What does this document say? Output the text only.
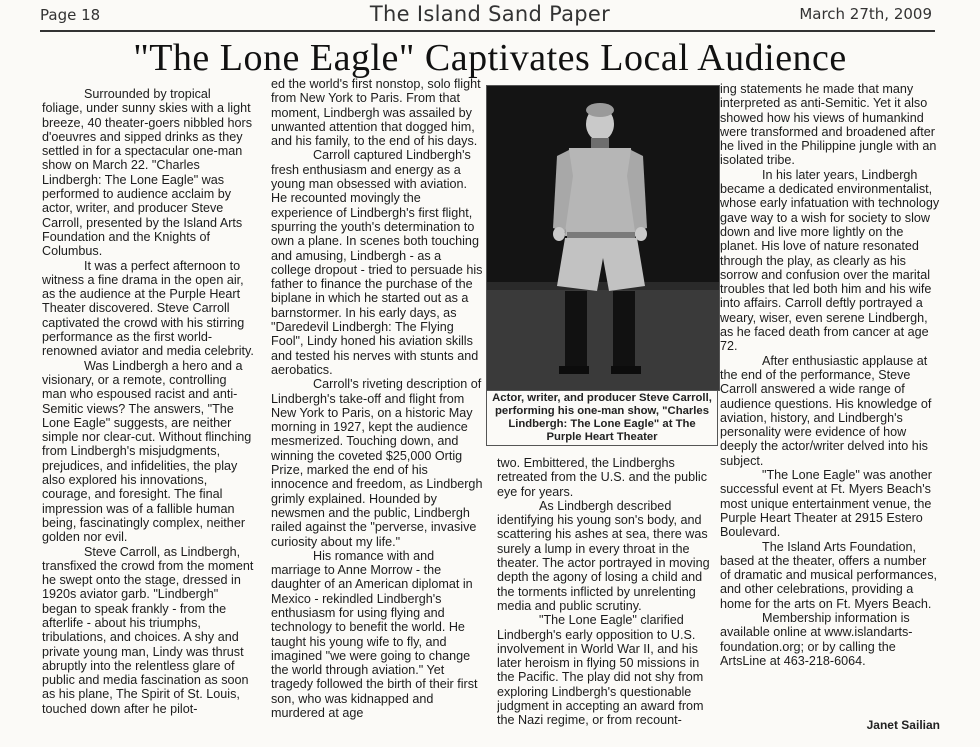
Page 18	The Island Sand Paper	March 27th, 2009
"The Lone Eagle" Captivates Local Audience

Surrounded by tropical foliage, under sunny skies with a light breeze, 40 theater-goers nibbled hors d'oeuvres and sipped drinks as they settled in for a spectacular one-man show on March 22. "Charles Lindbergh: The Lone Eagle" was performed to audience acclaim by actor, writer, and producer Steve Carroll, presented by the Island Arts Foundation and the Knights of Columbus.

It was a perfect afternoon to witness a fine drama in the open air, as the audience at the Purple Heart Theater discovered. Steve Carroll captivated the crowd with his stirring performance as the first world-renowned aviator and media celebrity.

Was Lindbergh a hero and a visionary, or a remote, controlling man who espoused racist and anti-Semitic views? The answers, "The Lone Eagle" suggests, are neither simple nor clear-cut. Without flinching from Lindbergh's misjudgments, prejudices, and infidelities, the play also explored his innovations, courage, and foresight. The final impression was of a fallible human being, fascinatingly complex, neither golden nor evil.

Steve Carroll, as Lindbergh, transfixed the crowd from the moment he swept onto the stage, dressed in 1920s aviator garb. "Lindbergh" began to speak frankly - from the afterlife - about his triumphs, tribulations, and choices. A shy and private young man, Lindy was thrust abruptly into the relentless glare of public and media fascination as soon as his plane, The Spirit of St. Louis, touched down after he pilot-

ed the world's first nonstop, solo flight from New York to Paris. From that moment, Lindbergh was assailed by unwanted attention that dogged him, and his family, to the end of his days.

Carroll captured Lindbergh's fresh enthusiasm and energy as a young man obsessed with aviation. He recounted movingly the experience of Lindbergh's first flight, spurring the youth's determination to own a plane. In scenes both touching and amusing, Lindbergh - as a college dropout - tried to persuade his father to finance the purchase of the biplane in which he started out as a barnstormer. In his early days, as "Daredevil Lindbergh: The Flying Fool", Lindy honed his aviation skills and tested his nerves with stunts and aerobatics.

Carroll's riveting description of Lindbergh's take-off and flight from New York to Paris, on a historic May morning in 1927, kept the audience mesmerized. Touching down, and winning the coveted $25,000 Ortig Prize, marked the end of his innocence and freedom, as Lindbergh grimly explained. Hounded by newsmen and the public, Lindbergh railed against the "perverse, invasive curiosity about my life."

His romance with and marriage to Anne Morrow - the daughter of an American diplomat in Mexico - rekindled Lindbergh's enthusiasm for using flying and technology to benefit the world. He taught his young wife to fly, and imagined "we were going to change the world through aviation." Yet tragedy followed the birth of their first son, who was kidnapped and murdered at age

Actor, writer, and producer Steve Carroll, performing his one-man show, "Charles Lindbergh: The Lone Eagle" at The Purple Heart Theater

two. Embittered, the Lindberghs retreated from the U.S. and the public eye for years.

As Lindbergh described identifying his young son's body, and scattering his ashes at sea, there was surely a lump in every throat in the theater. The actor portrayed in moving depth the agony of losing a child and the torments inflicted by unrelenting media and public scrutiny.

"The Lone Eagle" clarified Lindbergh's early opposition to U.S. involvement in World War II, and his later heroism in flying 50 missions in the Pacific. The play did not shy from exploring Lindbergh's questionable judgment in accepting an award from the Nazi regime, or from recount-

ing statements he made that many interpreted as anti-Semitic. Yet it also showed how his views of humankind were transformed and broadened after he lived in the Philippine jungle with an isolated tribe.

In his later years, Lindbergh became a dedicated environmentalist, whose early infatuation with technology gave way to a wish for society to slow down and live more lightly on the planet. His love of nature resonated through the play, as clearly as his sorrow and confusion over the marital troubles that led both him and his wife into affairs. Carroll deftly portrayed a weary, wiser, even serene Lindbergh, as he faced death from cancer at age 72.

After enthusiastic applause at the end of the performance, Steve Carroll answered a wide range of audience questions. His knowledge of aviation, history, and Lindbergh's personality were evidence of how deeply the actor/writer delved into his subject.

"The Lone Eagle" was another successful event at Ft. Myers Beach's most unique entertainment venue, the Purple Heart Theater at 2915 Estero Boulevard.

The Island Arts Foundation, based at the theater, offers a number of dramatic and musical performances, and other celebrations, providing a home for the arts on Ft. Myers Beach.

Membership information is available online at www.islandarts-foundation.org; or by calling the ArtsLine at 463-218-6064.

Janet Sailian
